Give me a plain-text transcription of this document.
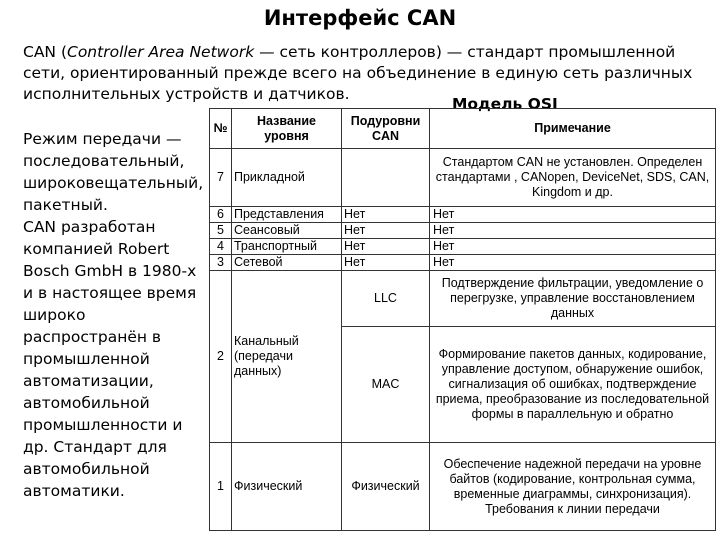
Интерфейс CAN
CAN (Controller Area Network — сеть контроллеров) — стандарт промышленной сети, ориентированный прежде всего на объединение в единую сеть различных исполнительных устройств и датчиков.
Модель OSI

Режим передачи — последовательный, широковещательный, пакетный.

CAN разработан компанией Robert Bosch GmbH в 1980-х и в настоящее время широко распространён в промышленной автоматизации, автомобильной промышленности и др. Стандарт для автомобильной автоматики.

№	Название уровня	Подуровни CAN	Примечание
7	Прикладной		Стандартом CAN не установлен. Определен стандартами , CANopen, DeviceNet, SDS, CAN, Kingdom и др.
6	Представления	Нет	Нет
5	Сеансовый	Нет	Нет
4	Транспортный	Нет	Нет
3	Сетевой	Нет	Нет
2	Канальный (передачи данных)	LLC	Подтверждение фильтрации, уведомление о перегрузке, управление восстановлением данных
		MAC	Формирование пакетов данных, кодирование, управление доступом, обнаружение ошибок, сигнализация об ошибках, подтверждение приема, преобразование из последовательной формы в параллельную и обратно
1	Физический	Физический	Обеспечение надежной передачи на уровне байтов (кодирование, контрольная сумма, временные диаграммы, синхронизация). Требования к линии передачи
